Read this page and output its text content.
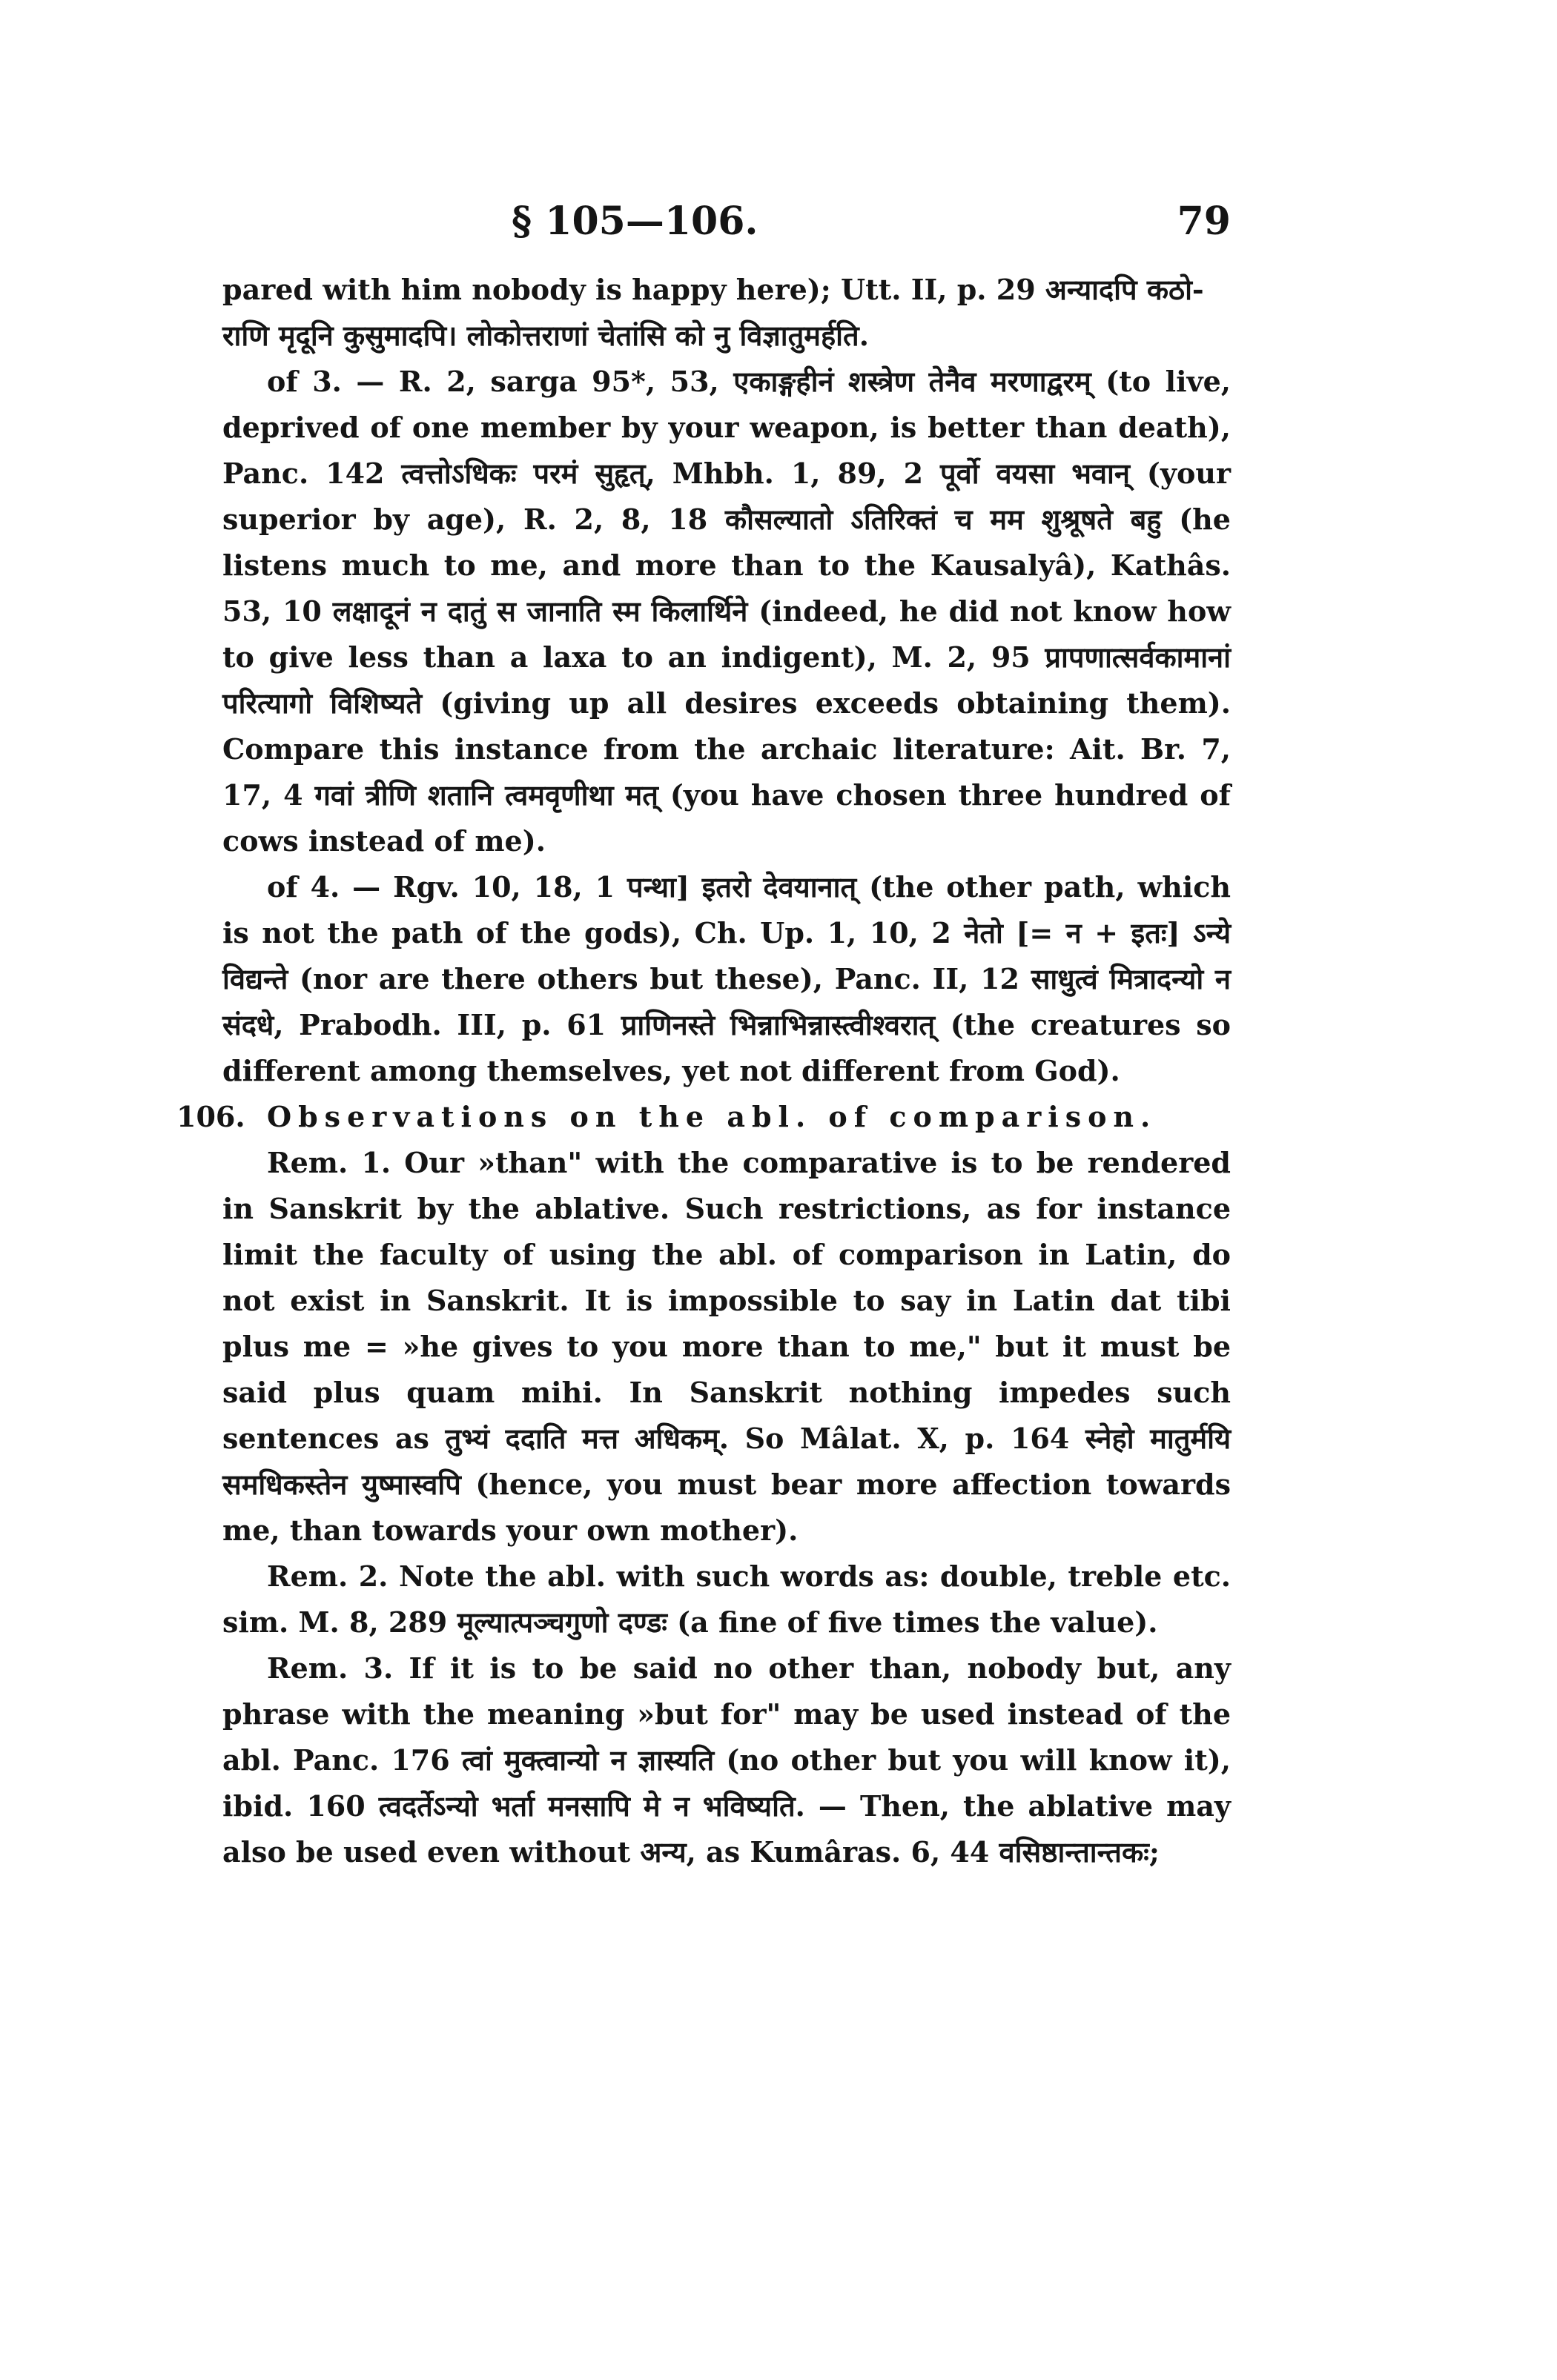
§ 105—106.	79

pared with him nobody is happy here); Utt. II, p. 29 अन्यादपि कठो-

राणि मृदूनि कुसुमादपि। लोकोत्तराणां चेतांसि को नु विज्ञातुमर्हति.

of 3. — R. 2, sarga 95*, 53, एकाङ्गहीनं शस्त्रेण तेनैव मरणाद्वरम् (to live, deprived of one member by your weapon, is better than death), Panc. 142 त्वत्तोऽधिकः परमं सुहृत्, Mhbh. 1, 89, 2 पूर्वो वयसा भवान् (your superior by age), R. 2, 8, 18 कौसल्यातो ऽतिरिक्तं च मम शुश्रूषते बहु (he listens much to me, and more than to the Kausalyâ), Kathâs. 53, 10 लक्षादूनं न दातुं स जानाति स्म किलार्थिने (indeed, he did not know how to give less than a laxa to an indigent), M. 2, 95 प्रापणात्सर्वकामानां परित्यागो विशिष्यते (giving up all desires exceeds obtaining them). Compare this instance from the archaic literature: Ait. Br. 7, 17, 4 गवां त्रीणि शतानि त्वमवृणीथा मत् (you have chosen three hundred of cows instead of me).

of 4. — Rgv. 10, 18, 1 पन्था] इतरो देवयानात् (the other path, which is not the path of the gods), Ch. Up. 1, 10, 2 नेतो [= न + इतः] ऽन्ये विद्यन्ते (nor are there others but these), Panc. II, 12 साधुत्वं मित्रादन्यो न संदधे, Prabodh. III, p. 61 प्राणिनस्ते भिन्नाभिन्नास्त्वीश्वरात् (the creatures so different among themselves, yet not different from God).

106. Observations on the abl. of comparison.

Rem. 1. Our »than" with the comparative is to be rendered in Sanskrit by the ablative. Such restrictions, as for instance limit the faculty of using the abl. of comparison in Latin, do not exist in Sanskrit. It is impossible to say in Latin dat tibi plus me = »he gives to you more than to me," but it must be said plus quam mihi. In Sanskrit nothing impedes such sentences as तुभ्यं ददाति मत्त अधिकम्. So Mâlat. X, p. 164 स्नेहो मातुर्मयि समधिकस्तेन युष्मास्वपि (hence, you must bear more affection towards me, than towards your own mother).

Rem. 2. Note the abl. with such words as: double, treble etc. sim. M. 8, 289 मूल्यात्पञ्चगुणो दण्डः (a fine of five times the value).

Rem. 3. If it is to be said no other than, nobody but, any phrase with the meaning »but for" may be used instead of the abl. Panc. 176 त्वां मुक्त्वान्यो न ज्ञास्यति (no other but you will know it), ibid. 160 त्वदर्तेऽन्यो भर्ता मनसापि मे न भविष्यति. — Then, the ablative may also be used even without अन्य, as Kumâras. 6, 44 वसिष्ठान्तान्तकः;
